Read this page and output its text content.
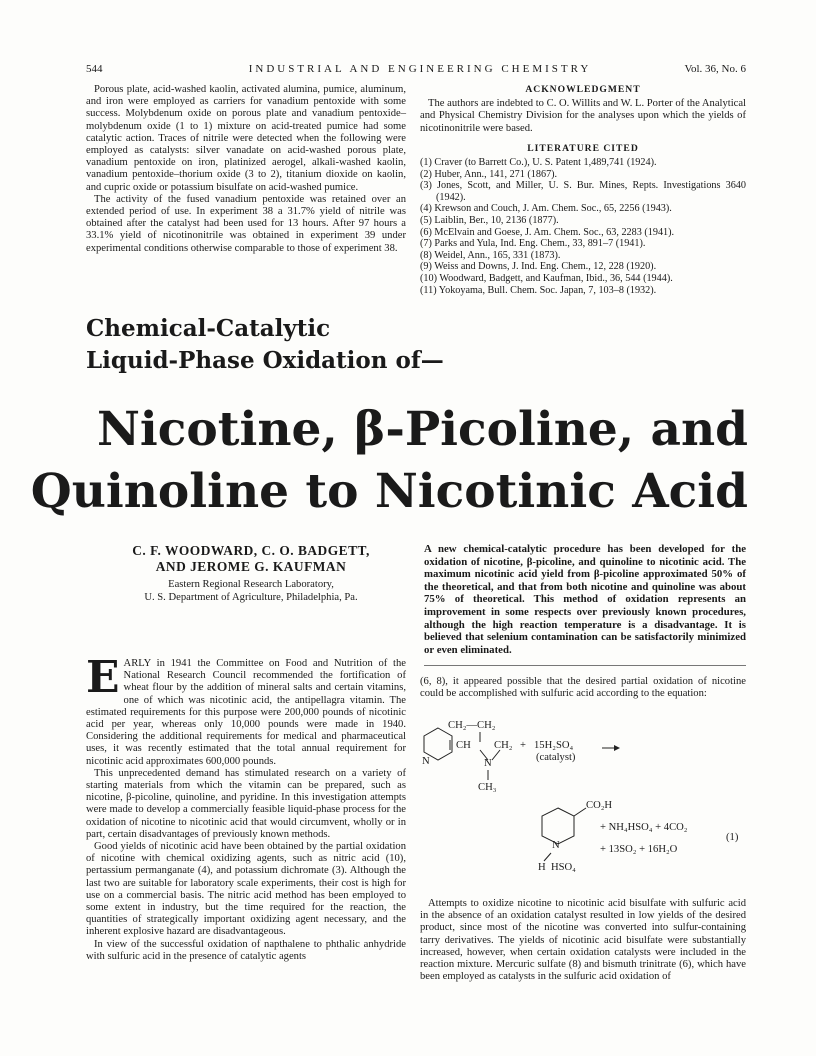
544	INDUSTRIAL AND ENGINEERING CHEMISTRY	Vol. 36, No. 6

Porous plate, acid-washed kaolin, activated alumina, pumice, aluminum, and iron were employed as carriers for vanadium pentoxide with some success. Molybdenum oxide on porous plate and vanadium pentoxide–molybdenum oxide (1 to 1) mixture on acid-treated pumice had some catalytic action. Traces of nitrile were detected when the following were employed as catalysts: silver vanadate on acid-washed porous plate, vanadium pentoxide on iron, platinized aerogel, alkali-washed kaolin, vanadium pentoxide–thorium oxide (3 to 2), titanium dioxide on kaolin, and cupric oxide or potassium bisulfate on acid-washed pumice.

The activity of the fused vanadium pentoxide was retained over an extended period of use. In experiment 38 a 31.7% yield of nitrile was obtained after the catalyst had been used for 13 hours. After 97 hours a 33.1% yield of nicotinonitrile was obtained in experiment 39 under experimental conditions otherwise comparable to those of experiment 38.

ACKNOWLEDGMENT

The authors are indebted to C. O. Willits and W. L. Porter of the Analytical and Physical Chemistry Division for the analyses upon which the yields of nicotinonitrile were based.

LITERATURE CITED
(1) Craver (to Barrett Co.), U. S. Patent 1,489,741 (1924).
(2) Huber, Ann., 141, 271 (1867).
(3) Jones, Scott, and Miller, U. S. Bur. Mines, Repts. Investigations 3640 (1942).
(4) Krewson and Couch, J. Am. Chem. Soc., 65, 2256 (1943).
(5) Laiblin, Ber., 10, 2136 (1877).
(6) McElvain and Goese, J. Am. Chem. Soc., 63, 2283 (1941).
(7) Parks and Yula, Ind. Eng. Chem., 33, 891–7 (1941).
(8) Weidel, Ann., 165, 331 (1873).
(9) Weiss and Downs, J. Ind. Eng. Chem., 12, 228 (1920).
(10) Woodward, Badgett, and Kaufman, Ibid., 36, 544 (1944).
(11) Yokoyama, Bull. Chem. Soc. Japan, 7, 103–8 (1932).
Chemical-Catalytic
Liquid-Phase Oxidation of—
Nicotine, β-Picoline, and
Quinoline to Nicotinic Acid
C. F. WOODWARD, C. O. BADGETT,
AND JEROME G. KAUFMAN
Eastern Regional Research Laboratory,
U. S. Department of Agriculture, Philadelphia, Pa.
A new chemical-catalytic procedure has been developed for the oxidation of nicotine, β-picoline, and quinoline to nicotinic acid. The maximum nicotinic acid yield from β-picoline approximated 50% of the theoretical, and that from both nicotine and quinoline was about 75% of theoretical. This method of oxidation represents an improvement in some respects over previously known procedures, although the high reaction temperature is a disadvantage. It is believed that selenium contamination can be satisfactorily minimized or even eliminated.

EARLY in 1941 the Committee on Food and Nutrition of the National Research Council recommended the fortification of wheat flour by the addition of mineral salts and certain vitamins, one of which was nicotinic acid, the antipellagra vitamin. The estimated requirements for this purpose were 200,000 pounds of nicotinic acid per year, whereas only 10,000 pounds were made in 1940. Considering the additional requirements for medical and pharmaceutical uses, it was recently estimated that the total annual requirement for nicotinic acid approximates 600,000 pounds.

This unprecedented demand has stimulated research on a variety of starting materials from which the vitamin can be prepared, such as nicotine, β-picoline, quinoline, and pyridine. In this investigation attempts were made to develop a commercially feasible liquid-phase process for the oxidation of nicotine to nicotinic acid that would circumvent, wholly or in part, certain disadvantages of previously known methods.

Good yields of nicotinic acid have been obtained by the partial oxidation of nicotine with chemical oxidizing agents, such as nitric acid (10), pertassium permanganate (4), and potassium dichromate (3). Although the last two are suitable for laboratory scale experiments, their cost is high for use on a commercial basis. The nitric acid method has been employed to some extent in industry, but the time required for the reaction, the quantities of strategically important oxidizing agent necessary, and the inherent explosive hazard are disadvantageous.

In view of the successful oxidation of napthalene to phthalic anhydride with sulfuric acid in the presence of catalytic agents

(6, 8), it appeared possible that the desired partial oxidation of nicotine could be accomplished with sulfuric acid according to the equation:

CH₂—CH₂
CH CH₂ + 15H₂SO₄
(catalyst)
N	N
CH₃
CO₂H
+ NH₄HSO₄ + 4CO₂
+ 13SO₂ + 16H₂O
N
H  HSO₄
(1)

Attempts to oxidize nicotine to nicotinic acid bisulfate with sulfuric acid in the absence of an oxidation catalyst resulted in low yields of the desired product, since most of the nicotine was converted into sulfur-containing tarry derivatives. The yields of nicotinic acid bisulfate were substantially increased, however, when certain oxidation catalysts were included in the reaction mixture. Mercuric sulfate (8) and bismuth trinitrate (6), which have been employed as catalysts in the sulfuric acid oxidation of
